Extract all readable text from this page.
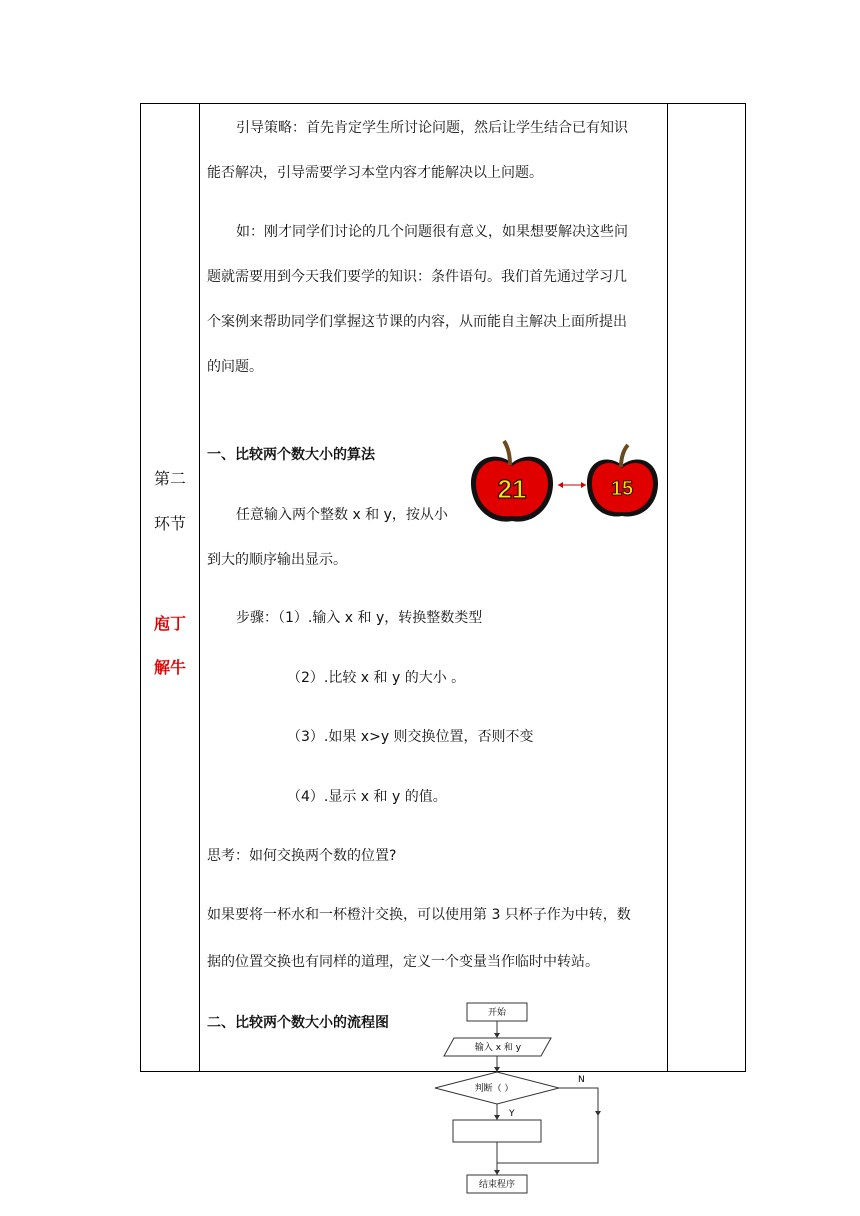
第二
环节
庖丁
解牛
引导策略：首先肯定学生所讨论问题，然后让学生结合已有知识
能否解决，引导需要学习本堂内容才能解决以上问题。
如：刚才同学们讨论的几个问题很有意义，如果想要解决这些问
题就需要用到今天我们要学的知识：条件语句。我们首先通过学习几
个案例来帮助同学们掌握这节课的内容，从而能自主解决上面所提出
的问题。
一、比较两个数大小的算法
21	15
任意输入两个整数 x 和 y，按从小
到大的顺序输出显示。
步骤：（1）.输入 x 和 y，转换整数类型
（2）.比较 x 和 y 的大小 。
（3）.如果 x>y 则交换位置，否则不变
（4）.显示 x 和 y 的值。
思考：如何交换两个数的位置?
如果要将一杯水和一杯橙汁交换，可以使用第 3 只杯子作为中转，数
据的位置交换也有同样的道理，定义一个变量当作临时中转站。
二、比较两个数大小的流程图
开始
输入 x 和 y
判断（ ）
Y
N
结束程序
